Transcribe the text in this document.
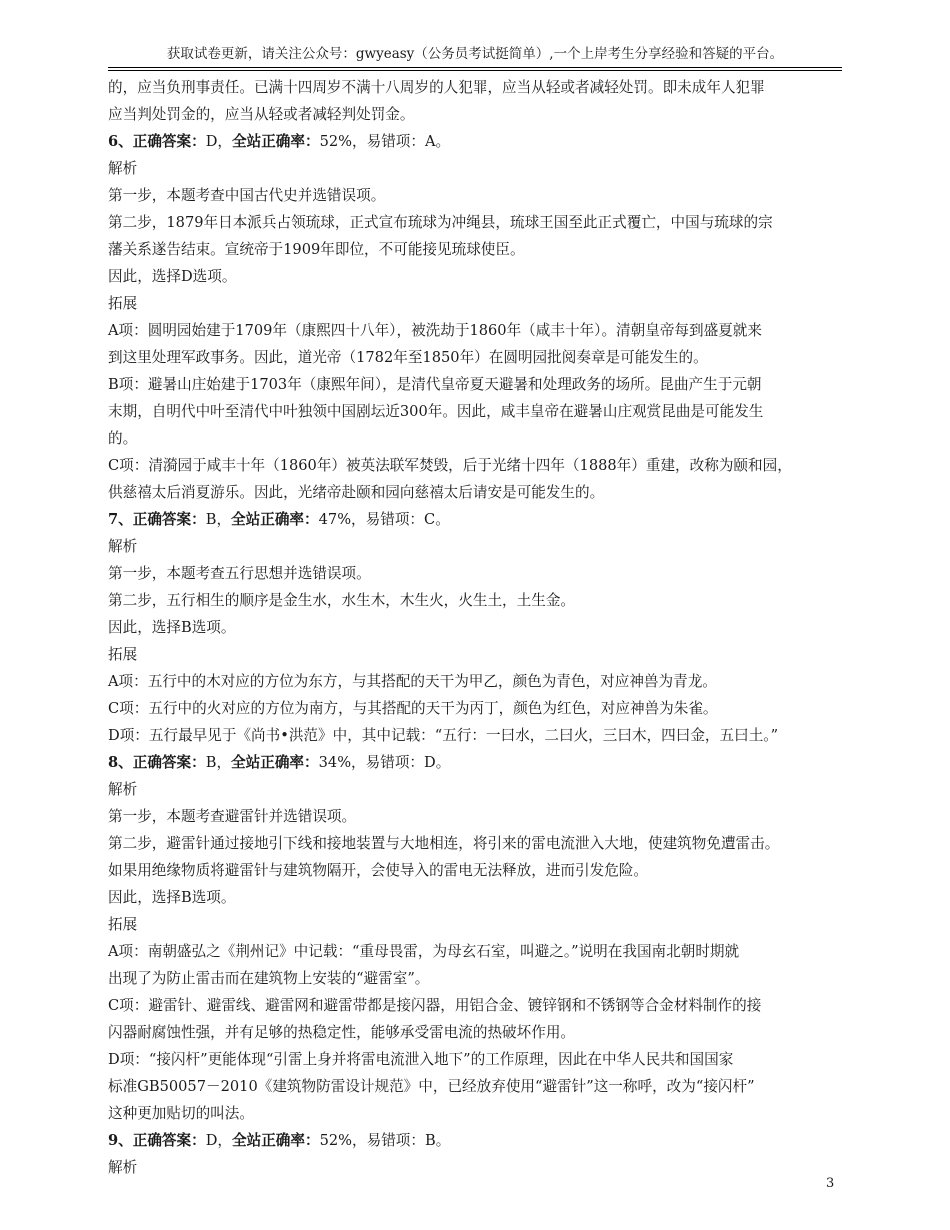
获取试卷更新，请关注公众号：gwyeasy（公务员考试挺简单）,一个上岸考生分享经验和答疑的平台。

的，应当负刑事责任。已满十四周岁不满十八周岁的人犯罪，应当从轻或者减轻处罚。即未成年人犯罪

应当判处罚金的，应当从轻或者减轻判处罚金。

6、正确答案：D，全站正确率：52%，易错项：A。

解析

第一步，本题考查中国古代史并选错误项。

第二步，1879年日本派兵占领琉球，正式宣布琉球为冲绳县，琉球王国至此正式覆亡，中国与琉球的宗

藩关系遂告结束。宣统帝于1909年即位，不可能接见琉球使臣。

因此，选择D选项。

拓展

A项：圆明园始建于1709年（康熙四十八年），被洗劫于1860年（咸丰十年）。清朝皇帝每到盛夏就来

到这里处理军政事务。因此，道光帝（1782年至1850年）在圆明园批阅奏章是可能发生的。

B项：避暑山庄始建于1703年（康熙年间），是清代皇帝夏天避暑和处理政务的场所。昆曲产生于元朝

末期，自明代中叶至清代中叶独领中国剧坛近300年。因此，咸丰皇帝在避暑山庄观赏昆曲是可能发生

的。

C项：清漪园于咸丰十年（1860年）被英法联军焚毁，后于光绪十四年（1888年）重建，改称为颐和园，

供慈禧太后消夏游乐。因此，光绪帝赴颐和园向慈禧太后请安是可能发生的。

7、正确答案：B，全站正确率：47%，易错项：C。

解析

第一步，本题考查五行思想并选错误项。

第二步，五行相生的顺序是金生水，水生木，木生火，火生土，土生金。

因此，选择B选项。

拓展

A项：五行中的木对应的方位为东方，与其搭配的天干为甲乙，颜色为青色，对应神兽为青龙。

C项：五行中的火对应的方位为南方，与其搭配的天干为丙丁，颜色为红色，对应神兽为朱雀。

D项：五行最早见于《尚书•洪范》中，其中记载：“五行：一曰水，二曰火，三曰木，四曰金，五曰土。”

8、正确答案：B，全站正确率：34%，易错项：D。

解析

第一步，本题考查避雷针并选错误项。

第二步，避雷针通过接地引下线和接地装置与大地相连，将引来的雷电流泄入大地，使建筑物免遭雷击。

如果用绝缘物质将避雷针与建筑物隔开，会使导入的雷电无法释放，进而引发危险。

因此，选择B选项。

拓展

A项：南朝盛弘之《荆州记》中记载：“重母畏雷，为母玄石室，叫避之。”说明在我国南北朝时期就

出现了为防止雷击而在建筑物上安装的“避雷室”。

C项：避雷针、避雷线、避雷网和避雷带都是接闪器，用铝合金、镀锌钢和不锈钢等合金材料制作的接

闪器耐腐蚀性强，并有足够的热稳定性，能够承受雷电流的热破坏作用。

D项：“接闪杆”更能体现“引雷上身并将雷电流泄入地下”的工作原理，因此在中华人民共和国国家

标准GB50057－2010《建筑物防雷设计规范》中，已经放弃使用“避雷针”这一称呼，改为“接闪杆”

这种更加贴切的叫法。

9、正确答案：D，全站正确率：52%，易错项：B。

解析

3
